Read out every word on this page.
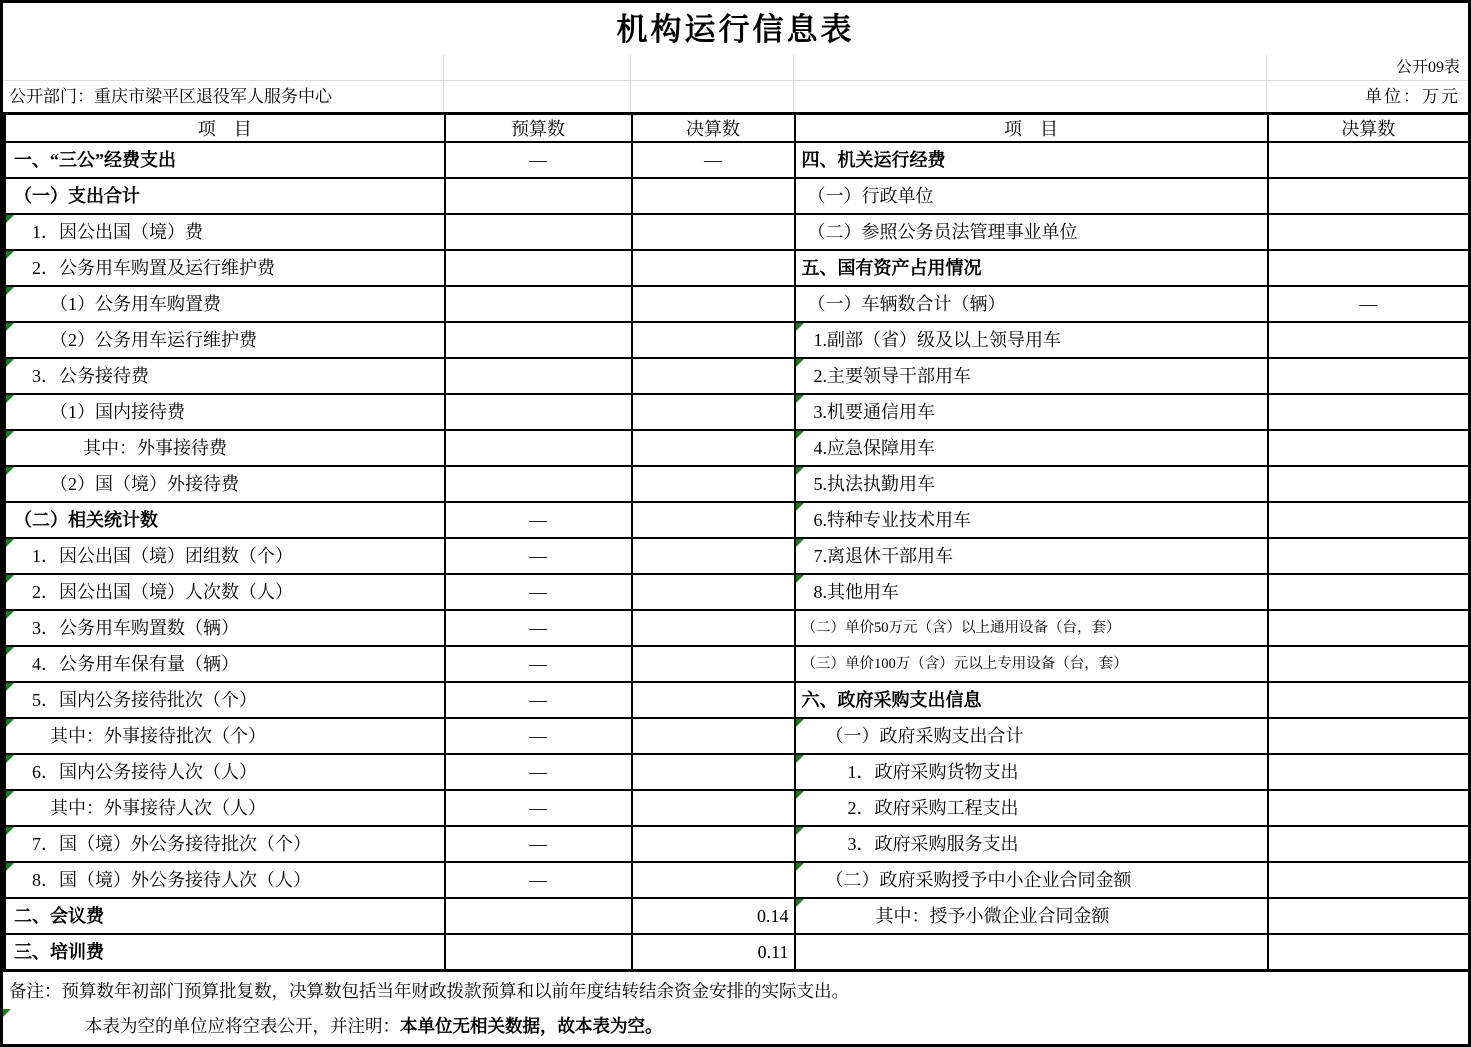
机构运行信息表
公开09表
公开部门：重庆市梁平区退役军人服务中心	单位：万元
项　目	预算数	决算数	项　目	决算数
一、“三公”经费支出	—	—	四、机关运行经费	
（一）支出合计			（一）行政单位	

1．因公出国（境）费			（二）参照公务员法管理事业单位	

2．公务用车购置及运行维护费			五、国有资产占用情况	

（1）公务用车购置费			（一）车辆数合计（辆）	—

（2）公务用车运行维护费			1.副部（省）级及以上领导用车	

3．公务接待费			2.主要领导干部用车	

（1）国内接待费			3.机要通信用车	

其中：外事接待费			4.应急保障用车	

（2）国（境）外接待费			5.执法执勤用车	
（二）相关统计数	—		6.特种专业技术用车	

1．因公出国（境）团组数（个）	—		7.离退休干部用车	

2．因公出国（境）人次数（人）	—		8.其他用车	

3．公务用车购置数（辆）	—		（二）单价50万元（含）以上通用设备（台，套）	

4．公务用车保有量（辆）	—		（三）单价100万（含）元以上专用设备（台，套）	

5．国内公务接待批次（个）	—		六、政府采购支出信息	

其中：外事接待批次（个）	—		（一）政府采购支出合计	

6．国内公务接待人次（人）	—		1．政府采购货物支出	

其中：外事接待人次（人）	—		2．政府采购工程支出	

7．国（境）外公务接待批次（个）	—		3．政府采购服务支出	

8．国（境）外公务接待人次（人）	—		（二）政府采购授予中小企业合同金额	
二、会议费		0.14	其中：授予小微企业合同金额	
三、培训费		0.11		
备注：预算数年初部门预算批复数，决算数包括当年财政拨款预算和以前年度结转结余资金安排的实际支出。
本表为空的单位应将空表公开，并注明：本单位无相关数据，故本表为空。
